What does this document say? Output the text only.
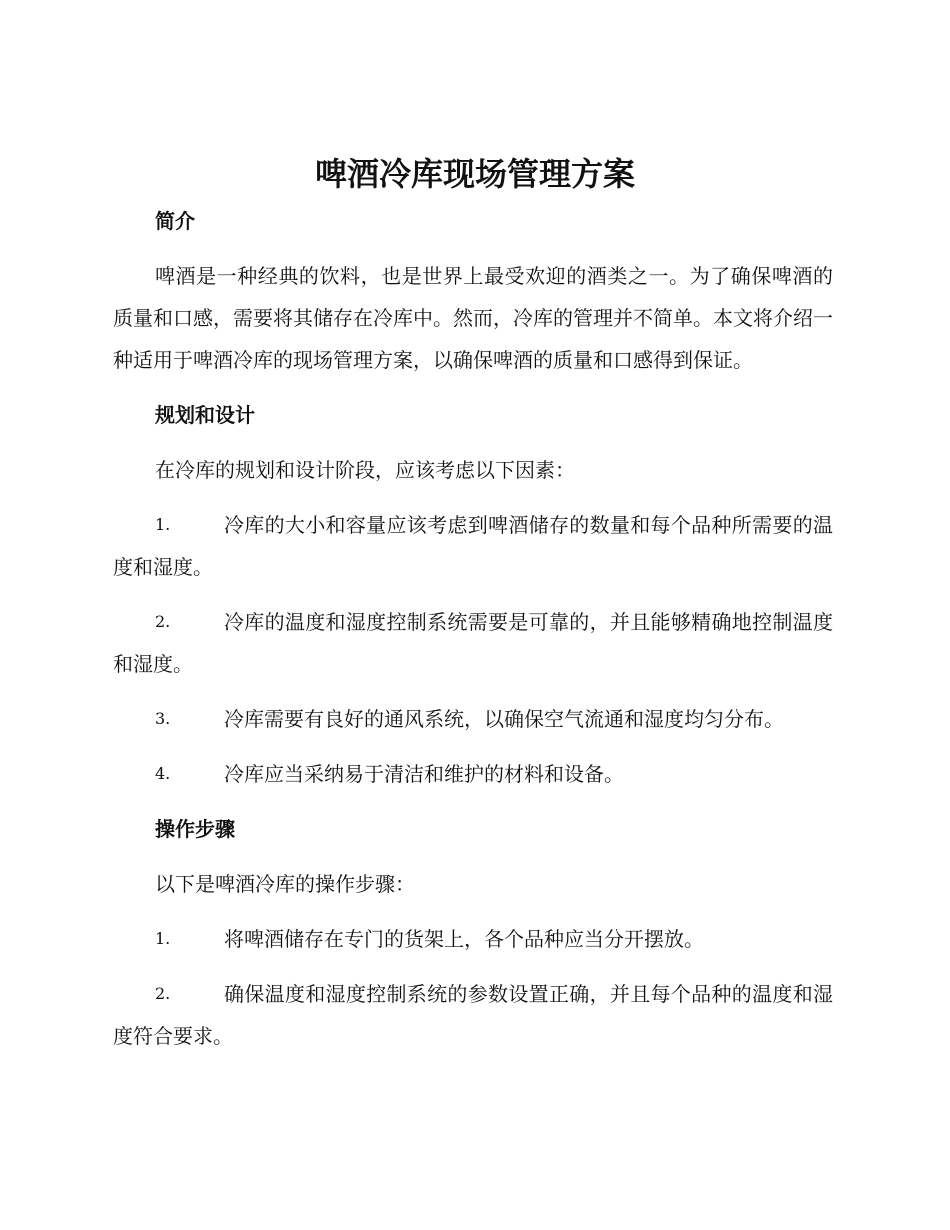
啤酒冷库现场管理方案
简介
啤酒是一种经典的饮料，也是世界上最受欢迎的酒类之一。为了确保啤酒的质量和口感，需要将其储存在冷库中。然而，冷库的管理并不简单。本文将介绍一种适用于啤酒冷库的现场管理方案，以确保啤酒的质量和口感得到保证。
规划和设计
在冷库的规划和设计阶段，应该考虑以下因素：
1.	冷库的大小和容量应该考虑到啤酒储存的数量和每个品种所需要的温度和湿度。
2.	冷库的温度和湿度控制系统需要是可靠的，并且能够精确地控制温度和湿度。
3.	冷库需要有良好的通风系统，以确保空气流通和湿度均匀分布。
4.	冷库应当采纳易于清洁和维护的材料和设备。
操作步骤
以下是啤酒冷库的操作步骤：
1.	将啤酒储存在专门的货架上，各个品种应当分开摆放。
2.	确保温度和湿度控制系统的参数设置正确，并且每个品种的温度和湿度符合要求。
